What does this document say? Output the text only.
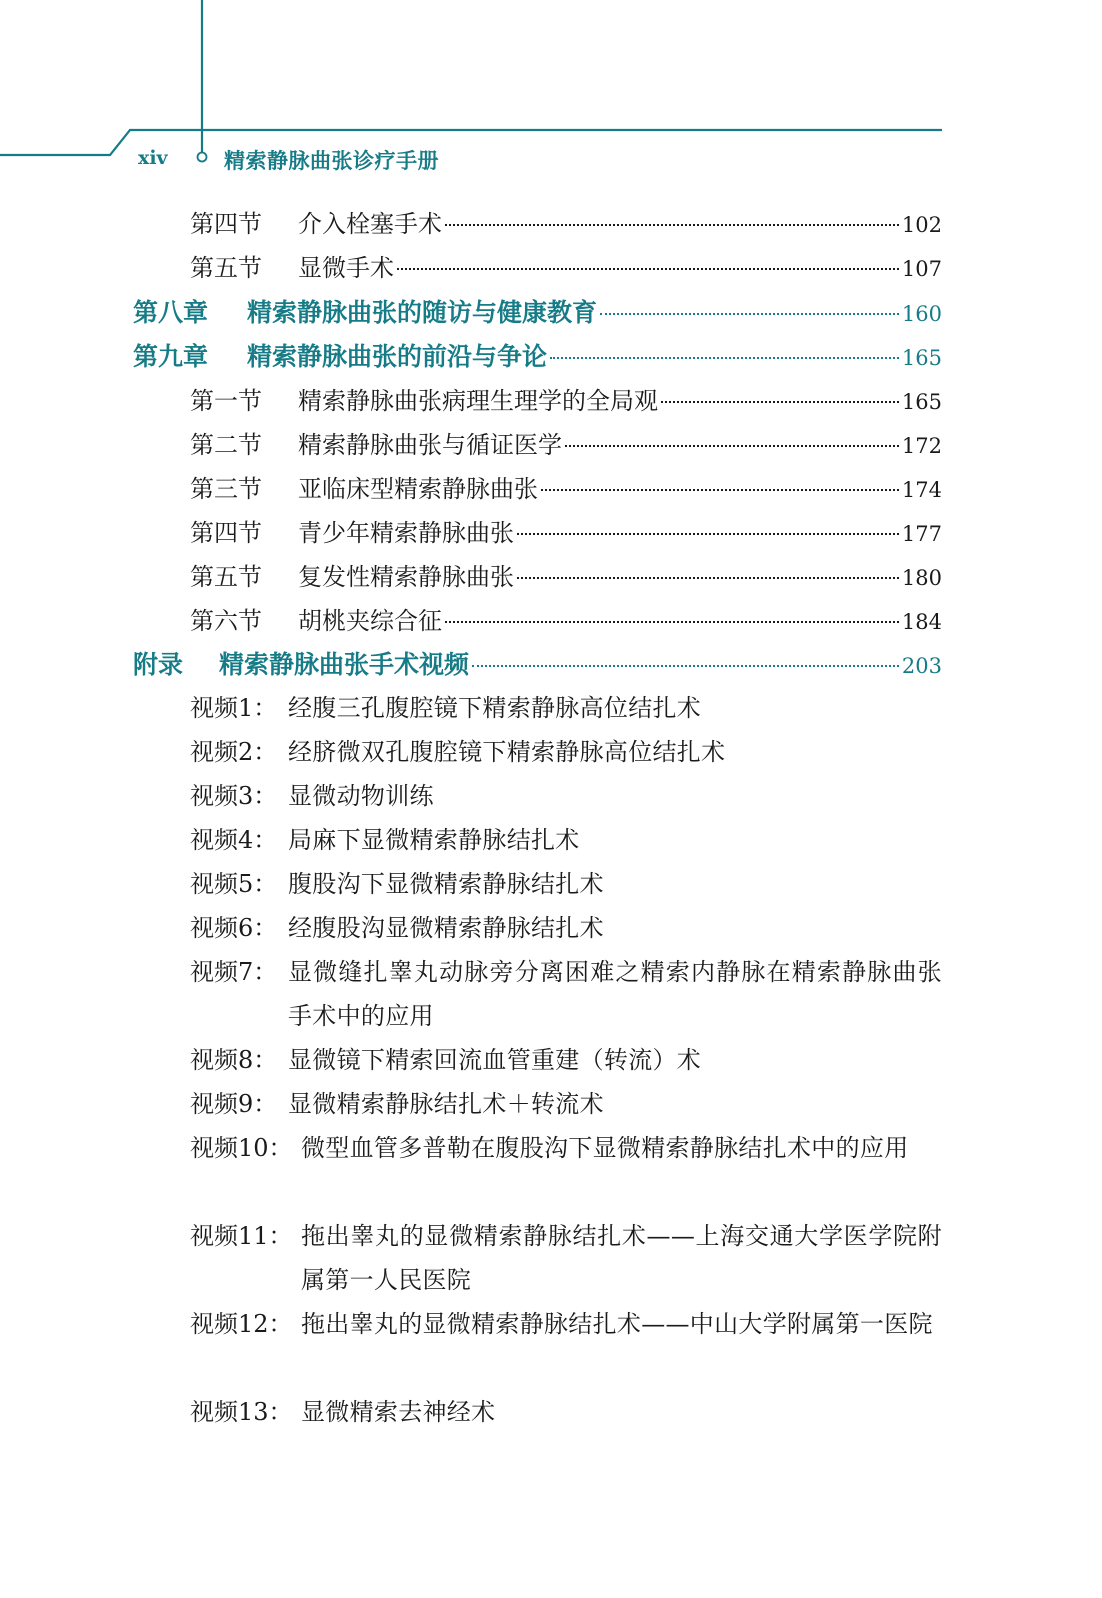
xiv	精索静脉曲张诊疗手册
第四节	介入栓塞手术	102
第五节	显微手术	107
第八章	精索静脉曲张的随访与健康教育	160
第九章	精索静脉曲张的前沿与争论	165
第一节	精索静脉曲张病理生理学的全局观	165
第二节	精索静脉曲张与循证医学	172
第三节	亚临床型精索静脉曲张	174
第四节	青少年精索静脉曲张	177
第五节	复发性精索静脉曲张	180
第六节	胡桃夹综合征	184
附录	精索静脉曲张手术视频	203
视频1： 经腹三孔腹腔镜下精索静脉高位结扎术
视频2： 经脐微双孔腹腔镜下精索静脉高位结扎术
视频3： 显微动物训练
视频4： 局麻下显微精索静脉结扎术
视频5： 腹股沟下显微精索静脉结扎术
视频6： 经腹股沟显微精索静脉结扎术
视频7： 显微缝扎睾丸动脉旁分离困难之精索内静脉在精索静脉曲张手术中的应用
视频8： 显微镜下精索回流血管重建（转流）术
视频9： 显微精索静脉结扎术＋转流术
视频10： 微型血管多普勒在腹股沟下显微精索静脉结扎术中的应用
视频11： 拖出睾丸的显微精索静脉结扎术——上海交通大学医学院附属第一人民医院
视频12： 拖出睾丸的显微精索静脉结扎术——中山大学附属第一医院
视频13： 显微精索去神经术
